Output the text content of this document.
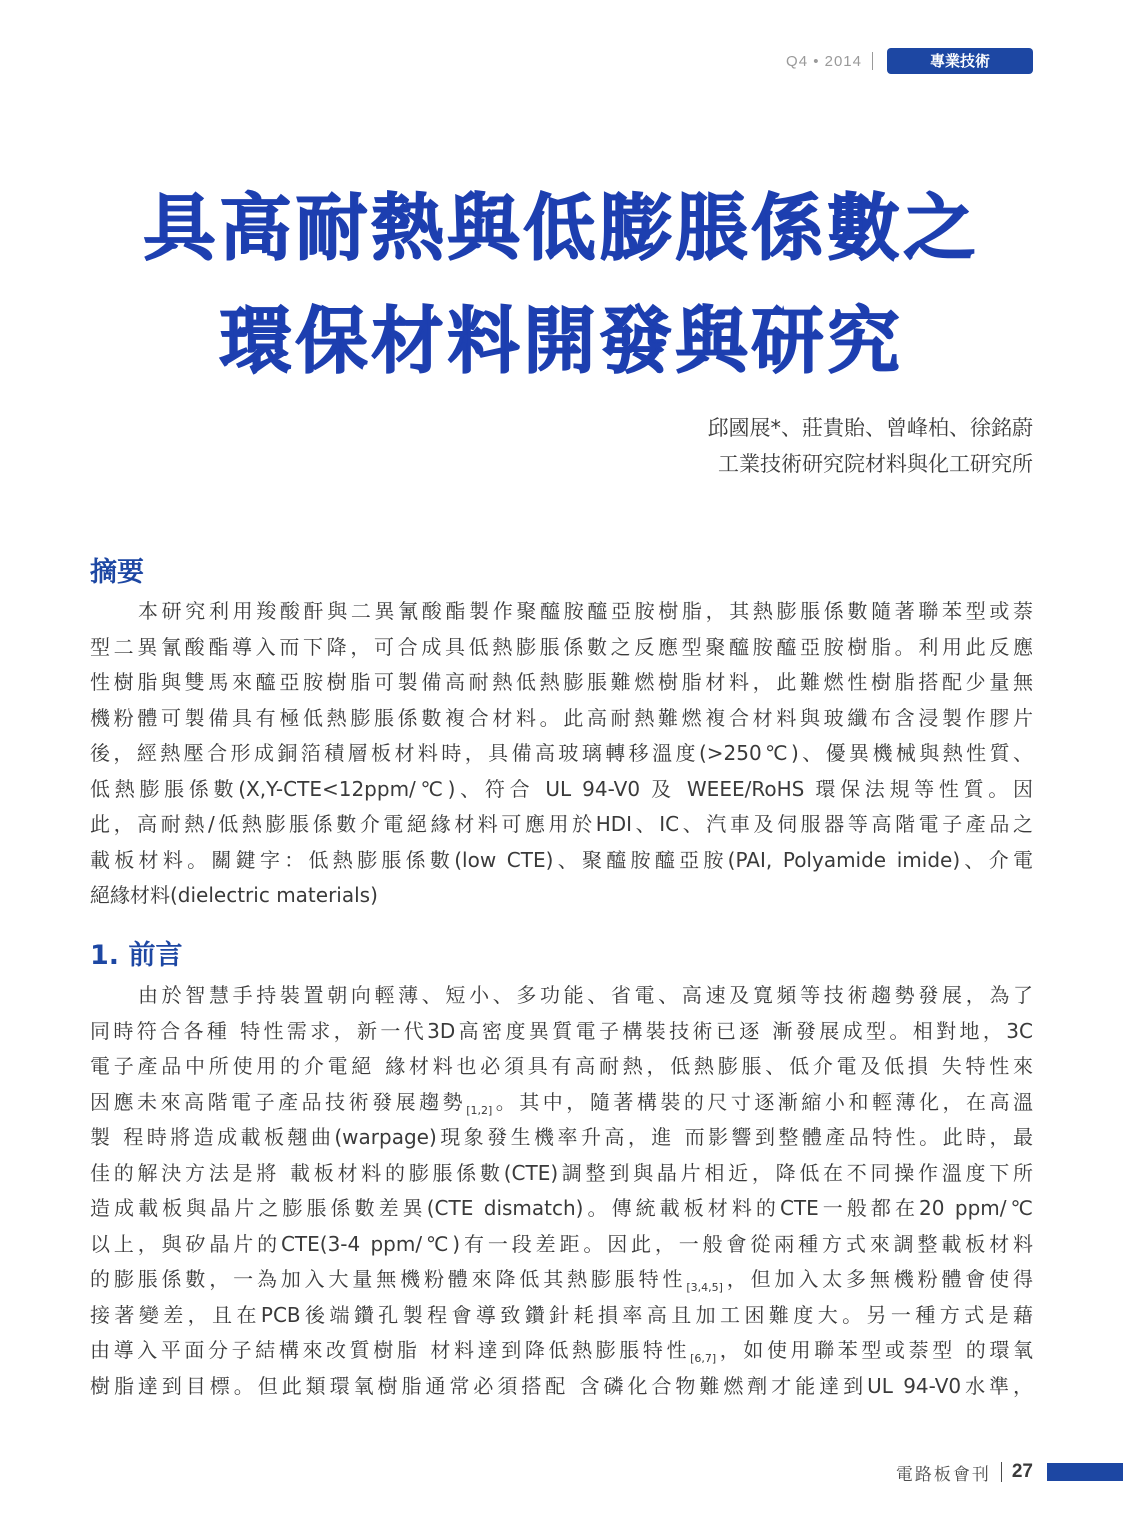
Q4 • 2014	專業技術
具高耐熱與低膨脹係數之
環保材料開發與研究
邱國展*、莊貴貽、曾峰柏、徐銘蔚
工業技術研究院材料與化工研究所
摘要
本研究利用羧酸酐與二異氰酸酯製作聚醯胺醯亞胺樹脂，其熱膨脹係數隨著聯苯型或萘
型二異氰酸酯導入而下降，可合成具低熱膨脹係數之反應型聚醯胺醯亞胺樹脂。利用此反應
性樹脂與雙馬來醯亞胺樹脂可製備高耐熱低熱膨脹難燃樹脂材料，此難燃性樹脂搭配少量無
機粉體可製備具有極低熱膨脹係數複合材料。此高耐熱難燃複合材料與玻纖布含浸製作膠片
後，經熱壓合形成銅箔積層板材料時，具備高玻璃轉移溫度(>250℃)、優異機械與熱性質、
低熱膨脹係數(X,Y-CTE<12ppm/℃)、符合 UL 94-V0 及 WEEE/RoHS 環保法規等性質。因
此，高耐熱/低熱膨脹係數介電絕緣材料可應用於HDI、IC、汽車及伺服器等高階電子產品之
載板材料。關鍵字：低熱膨脹係數(low CTE)、聚醯胺醯亞胺(PAI, Polyamide imide)、介電
絕緣材料(dielectric materials)
1. 前言
由於智慧手持裝置朝向輕薄、短小、多功能、省電、高速及寬頻等技術趨勢發展，為了
同時符合各種 特性需求，新一代3D高密度異質電子構裝技術已逐 漸發展成型。相對地，3C
電子產品中所使用的介電絕 緣材料也必須具有高耐熱，低熱膨脹、低介電及低損 失特性來
因應未來高階電子產品技術發展趨勢$_{[1,2]}$。其中，隨著構裝的尺寸逐漸縮小和輕薄化，在高溫
製 程時將造成載板翹曲(warpage)現象發生機率升高，進 而影響到整體產品特性。此時，最
佳的解決方法是將 載板材料的膨脹係數(CTE)調整到與晶片相近，降低在不同操作溫度下所
造成載板與晶片之膨脹係數差異(CTE dismatch)。傳統載板材料的CTE一般都在20 ppm/℃
以上，與矽晶片的CTE(3-4 ppm/℃)有一段差距。因此，一般會從兩種方式來調整載板材料
的膨脹係數，一為加入大量無機粉體來降低其熱膨脹特性$_{[3,4,5]}$，但加入太多無機粉體會使得
接著變差，且在PCB後端鑽孔製程會導致鑽針耗損率高且加工困難度大。另一種方式是藉
由導入平面分子結構來改質樹脂 材料達到降低熱膨脹特性$_{[6,7]}$，如使用聯苯型或萘型 的環氧
樹脂達到目標。但此類環氧樹脂通常必須搭配 含磷化合物難燃劑才能達到UL 94-V0水準，
電路板會刊 27
